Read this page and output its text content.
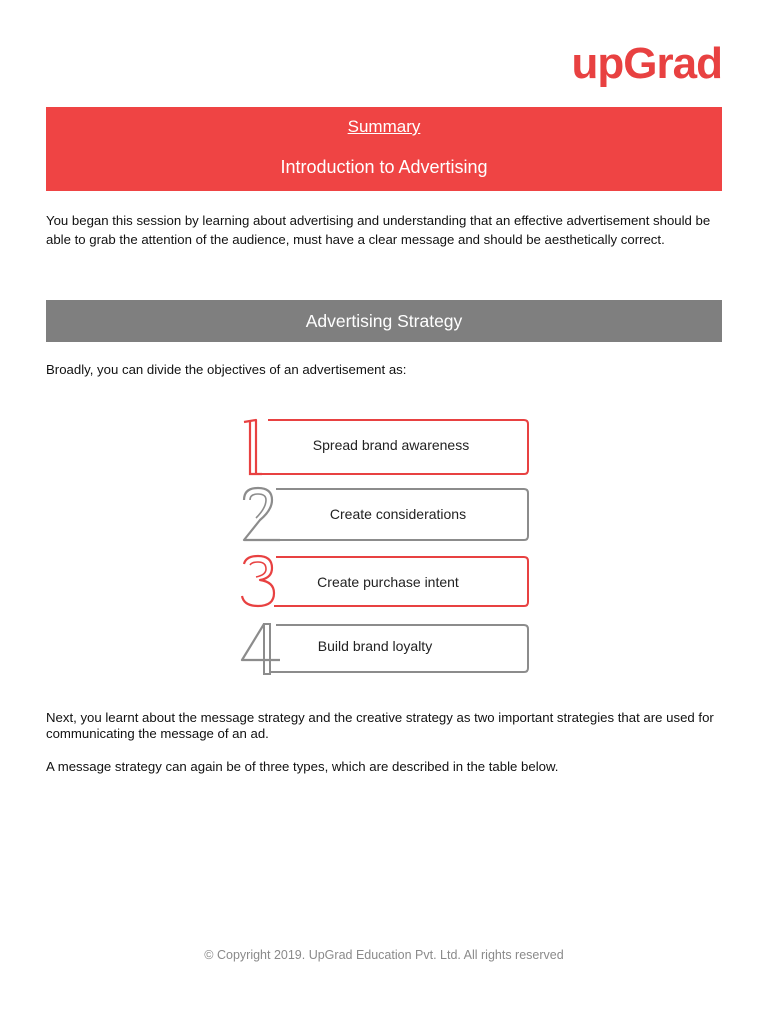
upGrad
Summary
Introduction to Advertising

You began this session by learning about advertising and understanding that an effective advertisement should be able to grab the attention of the audience, must have a clear message and should be aesthetically correct.

Advertising Strategy

Broadly, you can divide the objectives of an advertisement as:

Spread brand awareness
Create considerations
Create purchase intent
Build brand loyalty

Next, you learnt about the message strategy and the creative strategy as two important strategies that are used for communicating the message of an ad.

A message strategy can again be of three types, which are described in the table below.

© Copyright 2019. UpGrad Education Pvt. Ltd. All rights reserved
